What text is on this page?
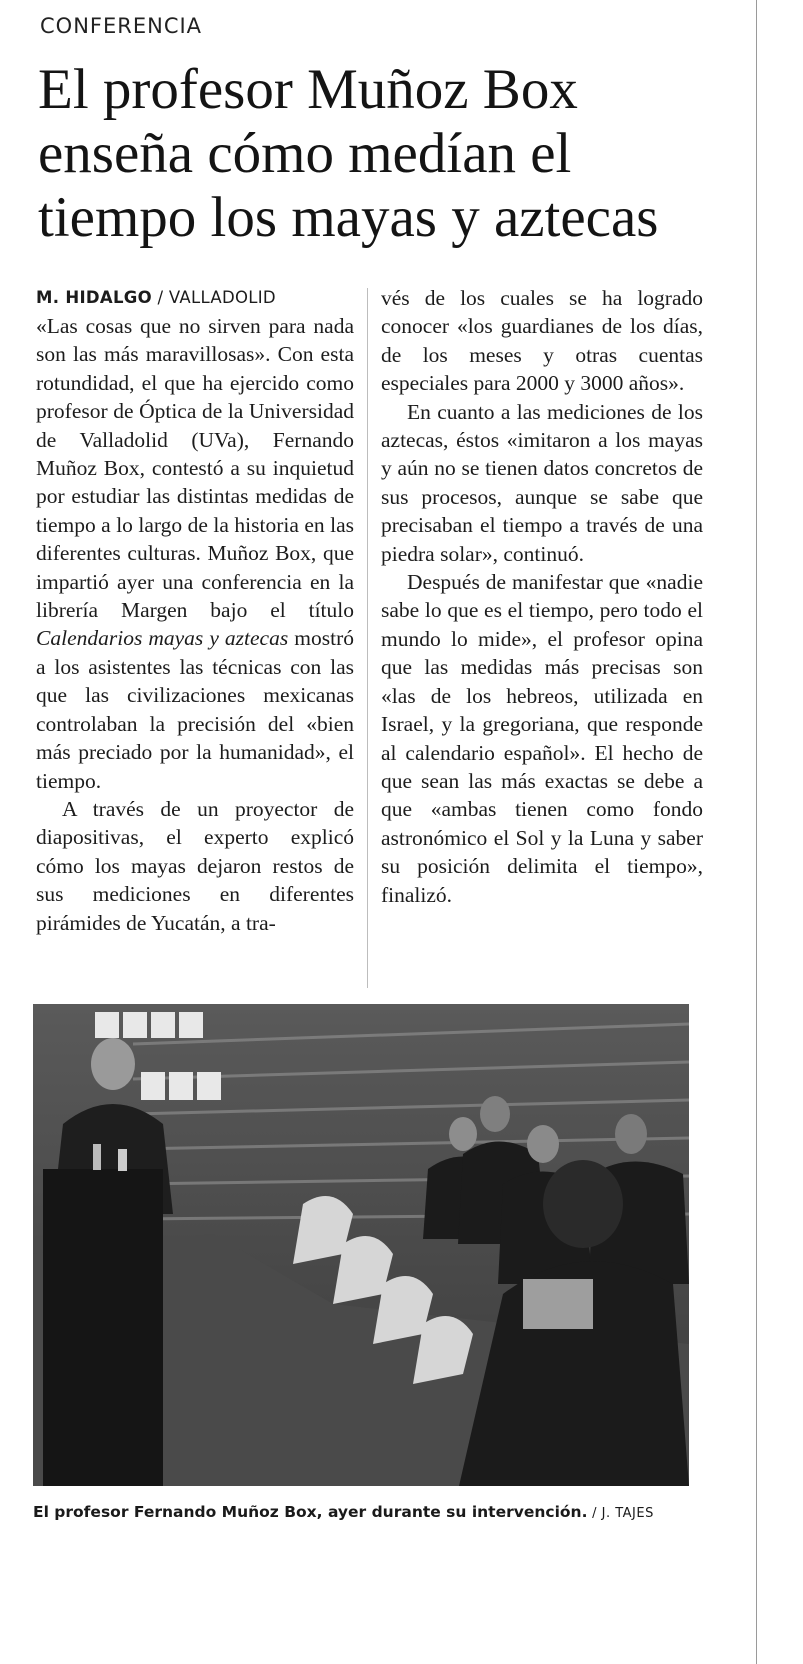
CONFERENCIA
El profesor Muñoz Box
enseña cómo medían el
tiempo los mayas y aztecas
M. HIDALGO / VALLADOLID

«Las cosas que no sirven para nada son las más maravillosas». Con esta rotundidad, el que ha ejercido como profesor de Óptica de la Universidad de Valladolid (UVa), Fernando Muñoz Box, contestó a su inquietud por estudiar las distintas medidas de tiempo a lo largo de la historia en las diferentes culturas. Muñoz Box, que impartió ayer una conferencia en la librería Margen bajo el título Calendarios mayas y aztecas mostró a los asistentes las técnicas con las que las civilizaciones mexicanas controlaban la precisión del «bien más preciado por la humanidad», el tiempo.

A través de un proyector de diapositivas, el experto explicó cómo los mayas dejaron restos de sus mediciones en diferentes pirámides de Yucatán, a tra-

vés de los cuales se ha logrado conocer «los guardianes de los días, de los meses y otras cuentas especiales para 2000 y 3000 años».

En cuanto a las mediciones de los aztecas, éstos «imitaron a los mayas y aún no se tienen datos concretos de sus procesos, aunque se sabe que precisaban el tiempo a través de una piedra solar», continuó.

Después de manifestar que «nadie sabe lo que es el tiempo, pero todo el mundo lo mide», el profesor opina que las medidas más precisas son «las de los hebreos, utilizada en Israel, y la gregoriana, que responde al calendario español». El hecho de que sean las más exactas se debe a que «ambas tienen como fondo astronómico el Sol y la Luna y saber su posición delimita el tiempo», finalizó.

El profesor Fernando Muñoz Box, ayer durante su intervención. / J. TAJES
